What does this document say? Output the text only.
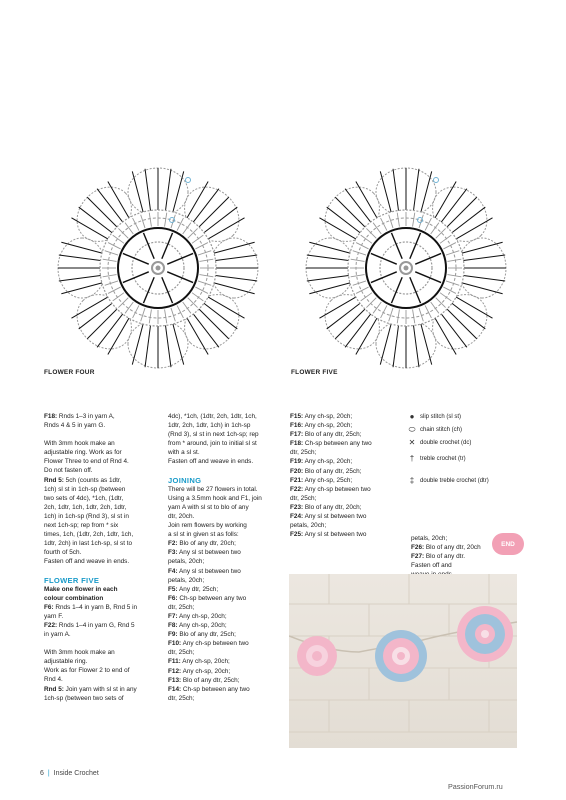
FLOWER FOUR	FLOWER FIVE

F18: Rnds 1–3 in yarn A,

Rnds 4 & 5 in yarn G.

With 3mm hook make an

adjustable ring. Work as for

Flower Three to end of Rnd 4.

Do not fasten off.

Rnd 5: 5ch (counts as 1dtr,

1ch) sl st in 1ch-sp (between

two sets of 4dc), *1ch, (1dtr,

2ch, 1dtr, 1ch, 1dtr, 2ch, 1dtr,

1ch) in 1ch-sp (Rnd 3), sl st in

next 1ch-sp; rep from * six

times, 1ch, (1dtr, 2ch, 1dtr, 1ch,

1dtr, 2ch) in last 1ch-sp, sl st to

fourth of 5ch.

Fasten off and weave in ends.

FLOWER FIVE

Make one flower in each

colour combination

F6: Rnds 1–4 in yarn B, Rnd 5 in

yarn F.

F22: Rnds 1–4 in yarn G, Rnd 5

in yarn A.

With 3mm hook make an

adjustable ring.

Work as for Flower 2 to end of

Rnd 4.

Rnd 5: Join yarn with sl st in any

1ch-sp (between two sets of

4dc), *1ch, (1dtr, 2ch, 1dtr, 1ch,

1dtr, 2ch, 1dtr, 1ch) in 1ch-sp

(Rnd 3), sl st in next 1ch-sp; rep

from * around, join to initial sl st

with a sl st.

Fasten off and weave in ends.

JOINING

There will be 27 flowers in total.

Using a 3.5mm hook and F1, join

yarn A with sl st to blo of any

dtr, 20ch.

Join rem flowers by working

a sl st in given st as folls:

F2: Blo of any dtr, 20ch;

F3: Any sl st between two

petals, 20ch;

F4: Any sl st between two

petals, 20ch;

F5: Any dtr, 25ch;

F6: Ch-sp between any two

dtr, 25ch;

F7: Any ch-sp, 20ch;

F8: Any ch-sp, 20ch;

F9: Blo of any dtr, 25ch;

F10: Any ch-sp between two

dtr, 25ch;

F11: Any ch-sp, 20ch;

F12: Any ch-sp, 20ch;

F13: Blo of any dtr, 25ch;

F14: Ch-sp between any two

dtr, 25ch;

F15: Any ch-sp, 20ch;

F16: Any ch-sp, 20ch;

F17: Blo of any dtr, 25ch;

F18: Ch-sp between any two

dtr, 25ch;

F19: Any ch-sp, 20ch;

F20: Blo of any dtr, 25ch;

F21: Any ch-sp, 25ch;

F22: Any ch-sp between two

dtr, 25ch;

F23: Blo of any dtr, 20ch;

F24: Any sl st between two

petals, 20ch;

F25: Any sl st between two

petals, 20ch;

F26: Blo of any dtr, 20ch

F27: Blo of any dtr.

Fasten off and

● slip stitch (sl st)
⬭ chain stitch (ch)
✕ double crochet (dc)
† treble crochet (tr)
‡ double treble crochet (dtr)
END
6 | Inside Crochet
PassionForum.ru
